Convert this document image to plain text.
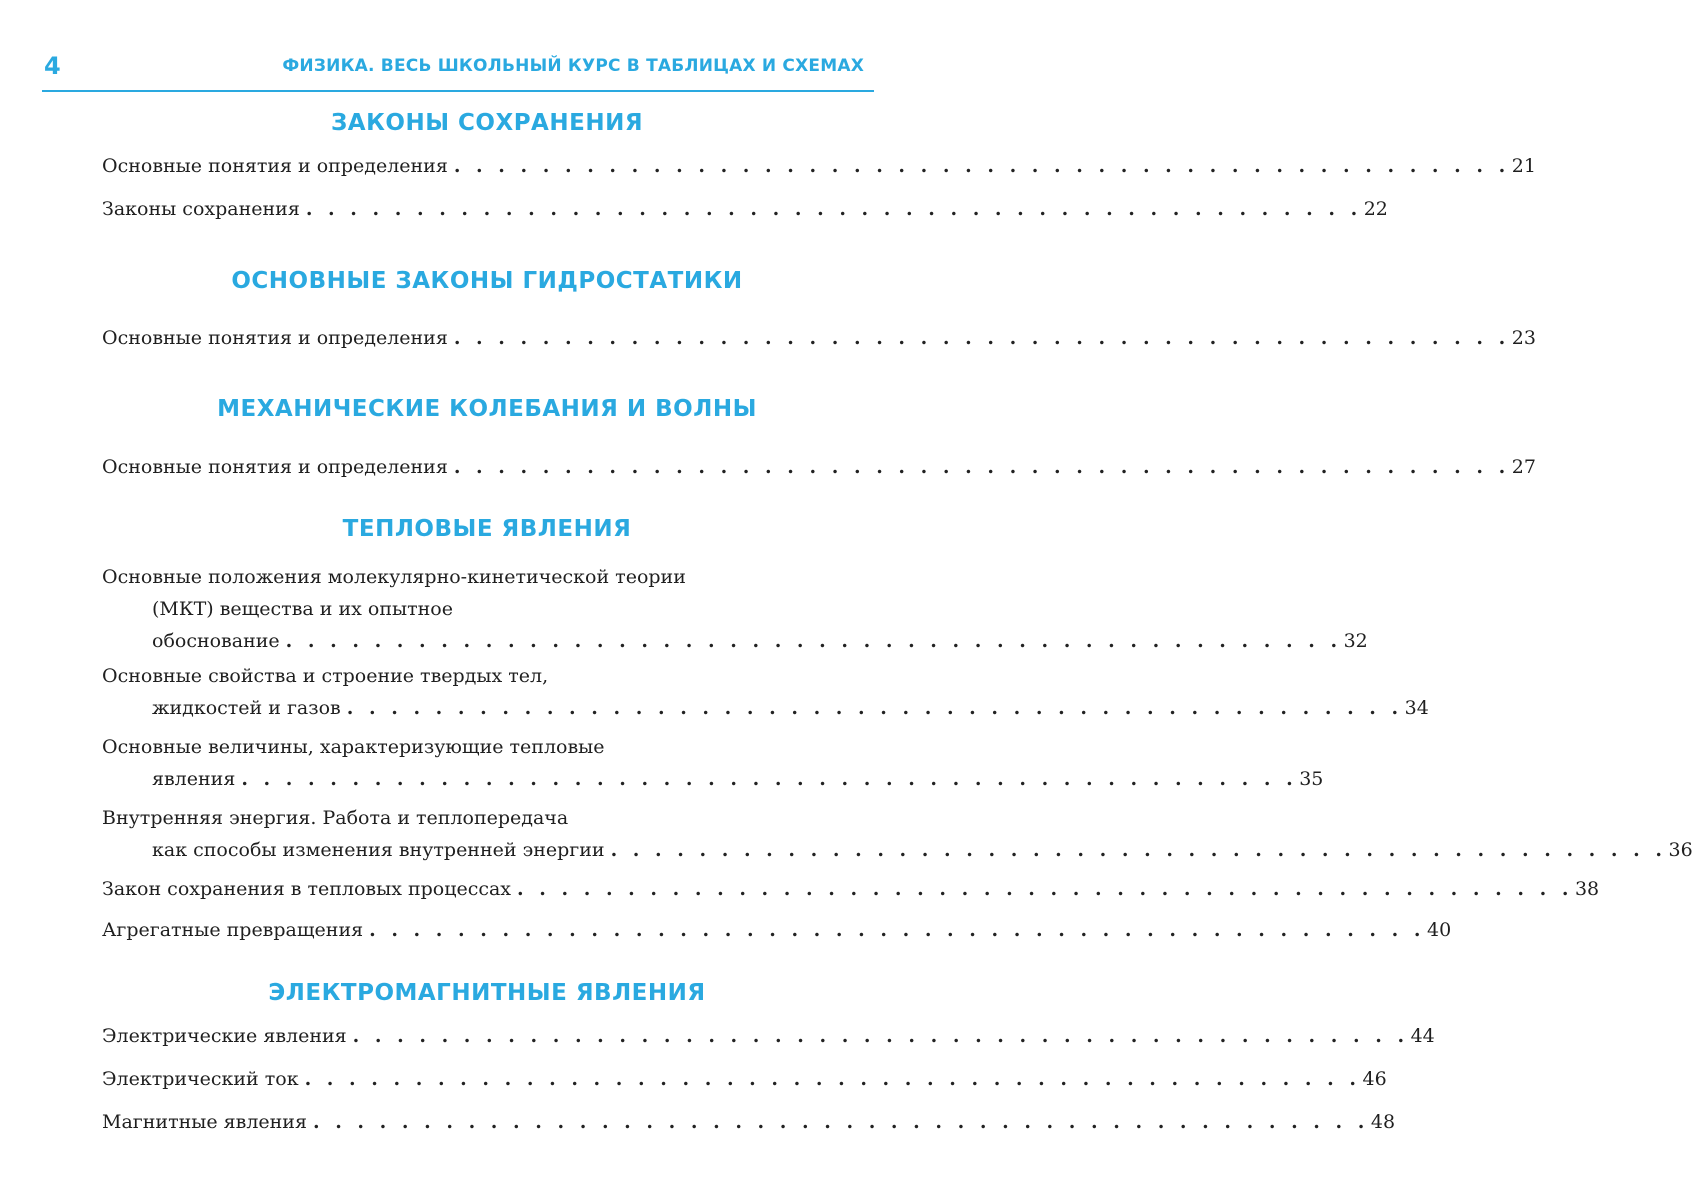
4	ФИЗИКА. ВЕСЬ ШКОЛЬНЫЙ КУРС В ТАБЛИЦАХ И СХЕМАХ
ЗАКОНЫ СОХРАНЕНИЯ
Основные понятия и определения . . . . . . . . . . . . . . . . . . . . . . . . . . . . . . . . . . . . . . . . . . . . . . . . 21
Законы сохранения . . . . . . . . . . . . . . . . . . . . . . . . . . . . . . . . . . . . . . . . . . . . . . . . 22
ОСНОВНЫЕ ЗАКОНЫ ГИДРОСТАТИКИ
Основные понятия и определения . . . . . . . . . . . . . . . . . . . . . . . . . . . . . . . . . . . . . . . . . . . . . . . . 23
МЕХАНИЧЕСКИЕ КОЛЕБАНИЯ И ВОЛНЫ
Основные понятия и определения . . . . . . . . . . . . . . . . . . . . . . . . . . . . . . . . . . . . . . . . . . . . . . . . 27
ТЕПЛОВЫЕ ЯВЛЕНИЯ
Основные положения молекулярно-кинетической теории
(МКТ) вещества и их опытное
обоснование . . . . . . . . . . . . . . . . . . . . . . . . . . . . . . . . . . . . . . . . . . . . . . . . 32
Основные свойства и строение твердых тел,
жидкостей и газов . . . . . . . . . . . . . . . . . . . . . . . . . . . . . . . . . . . . . . . . . . . . . . . . 34
Основные величины, характеризующие тепловые
явления . . . . . . . . . . . . . . . . . . . . . . . . . . . . . . . . . . . . . . . . . . . . . . . . 35
Внутренняя энергия. Работа и теплопередача
как способы изменения внутренней энергии . . . . . . . . . . . . . . . . . . . . . . . . . . . . . . . . . . . . . . . . . . . . . . . . 36
Закон сохранения в тепловых процессах . . . . . . . . . . . . . . . . . . . . . . . . . . . . . . . . . . . . . . . . . . . . . . . . 38
Агрегатные превращения . . . . . . . . . . . . . . . . . . . . . . . . . . . . . . . . . . . . . . . . . . . . . . . . 40
ЭЛЕКТРОМАГНИТНЫЕ ЯВЛЕНИЯ
Электрические явления . . . . . . . . . . . . . . . . . . . . . . . . . . . . . . . . . . . . . . . . . . . . . . . . 44
Электрический ток . . . . . . . . . . . . . . . . . . . . . . . . . . . . . . . . . . . . . . . . . . . . . . . . 46
Магнитные явления . . . . . . . . . . . . . . . . . . . . . . . . . . . . . . . . . . . . . . . . . . . . . . . . 48
